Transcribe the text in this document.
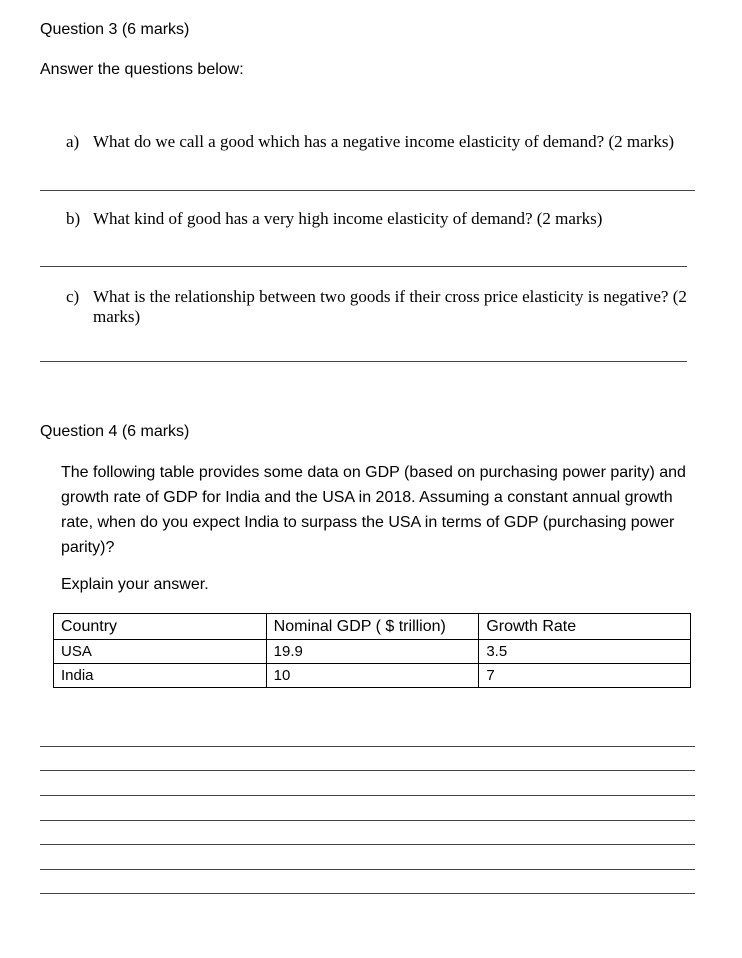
Question 3 (6 marks)
Answer the questions below:
a) What do we call a good which has a negative income elasticity of demand? (2 marks)
b) What kind of good has a very high income elasticity of demand? (2 marks)
c) What is the relationship between two goods if their cross price elasticity is negative? (2 marks)
Question 4 (6 marks)
The following table provides some data on GDP (based on purchasing power parity) and growth rate of GDP for India and the USA in 2018. Assuming a constant annual growth rate, when do you expect India to surpass the USA in terms of GDP (purchasing power parity)?
Explain your answer.
Country	Nominal GDP ( $ trillion)	Growth Rate
USA	19.9	3.5
India	10	7
